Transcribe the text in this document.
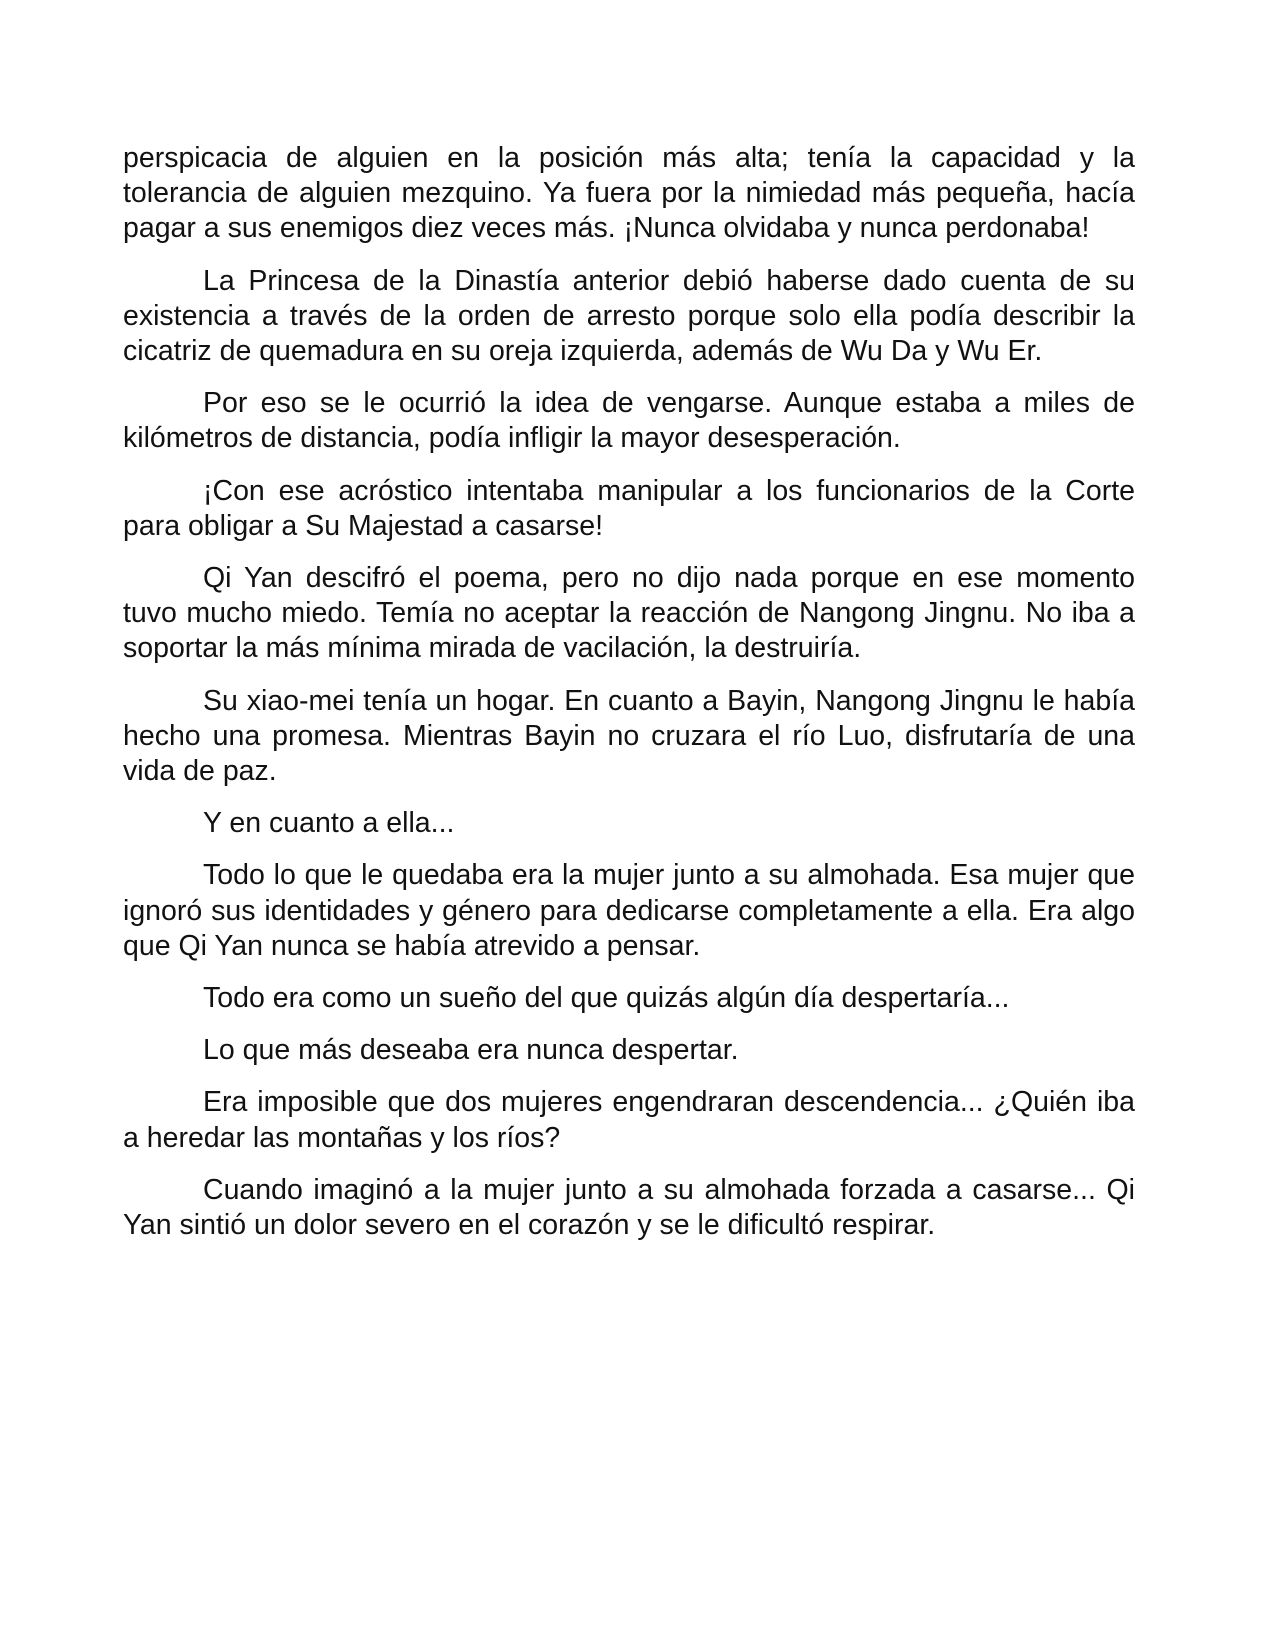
perspicacia de alguien en la posición más alta; tenía la capacidad y la tolerancia de alguien mezquino. Ya fuera por la nimiedad más pequeña, hacía pagar a sus enemigos diez veces más. ¡Nunca olvidaba y nunca perdonaba!

La Princesa de la Dinastía anterior debió haberse dado cuenta de su existencia a través de la orden de arresto porque solo ella podía describir la cicatriz de quemadura en su oreja izquierda, además de Wu Da y Wu Er.

Por eso se le ocurrió la idea de vengarse. Aunque estaba a miles de kilómetros de distancia, podía infligir la mayor desesperación.

¡Con ese acróstico intentaba manipular a los funcionarios de la Corte para obligar a Su Majestad a casarse!

Qi Yan descifró el poema, pero no dijo nada porque en ese momento tuvo mucho miedo. Temía no aceptar la reacción de Nangong Jingnu. No iba a soportar la más mínima mirada de vacilación, la destruiría.

Su xiao-mei tenía un hogar. En cuanto a Bayin, Nangong Jingnu le había hecho una promesa. Mientras Bayin no cruzara el río Luo, disfrutaría de una vida de paz.

Y en cuanto a ella...

Todo lo que le quedaba era la mujer junto a su almohada. Esa mujer que ignoró sus identidades y género para dedicarse completamente a ella. Era algo que Qi Yan nunca se había atrevido a pensar.

Todo era como un sueño del que quizás algún día despertaría...

Lo que más deseaba era nunca despertar.

Era imposible que dos mujeres engendraran descendencia... ¿Quién iba a heredar las montañas y los ríos?

Cuando imaginó a la mujer junto a su almohada forzada a casarse... Qi Yan sintió un dolor severo en el corazón y se le dificultó respirar.
